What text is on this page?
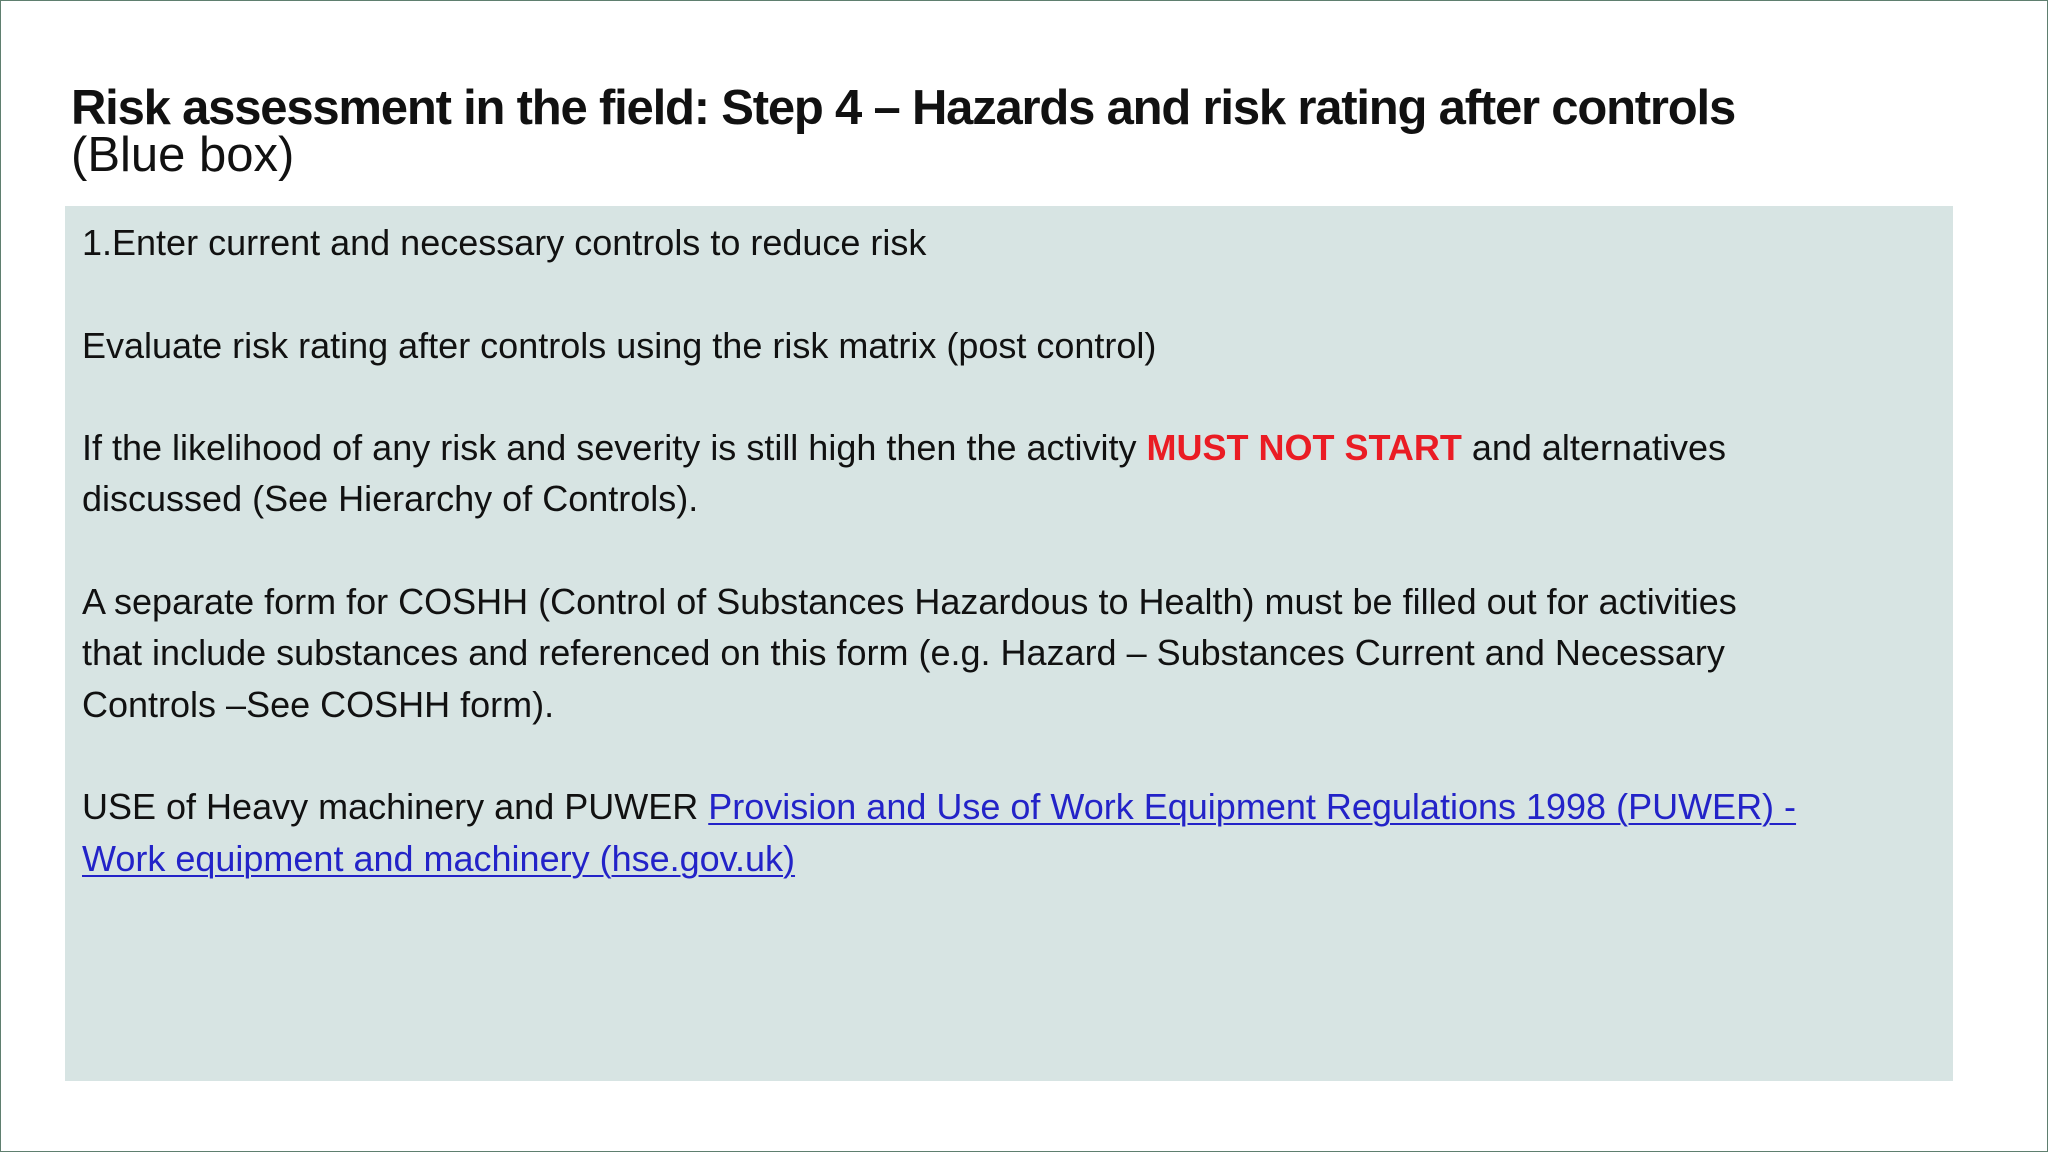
Risk assessment in the field: Step 4 – Hazards and risk rating after controls
(Blue box)
1.Enter current and necessary controls to reduce risk
Evaluate risk rating after controls using the risk matrix (post control)
If the likelihood of any risk and severity is still high then the activity MUST NOT START and alternatives
discussed (See Hierarchy of Controls).
A separate form for COSHH (Control of Substances Hazardous to Health) must be filled out for activities
that include substances and referenced on this form (e.g. Hazard – Substances Current and Necessary
Controls –See COSHH form).
USE of Heavy machinery and PUWER Provision and Use of Work Equipment Regulations 1998 (PUWER) -
Work equipment and machinery (hse.gov.uk)
